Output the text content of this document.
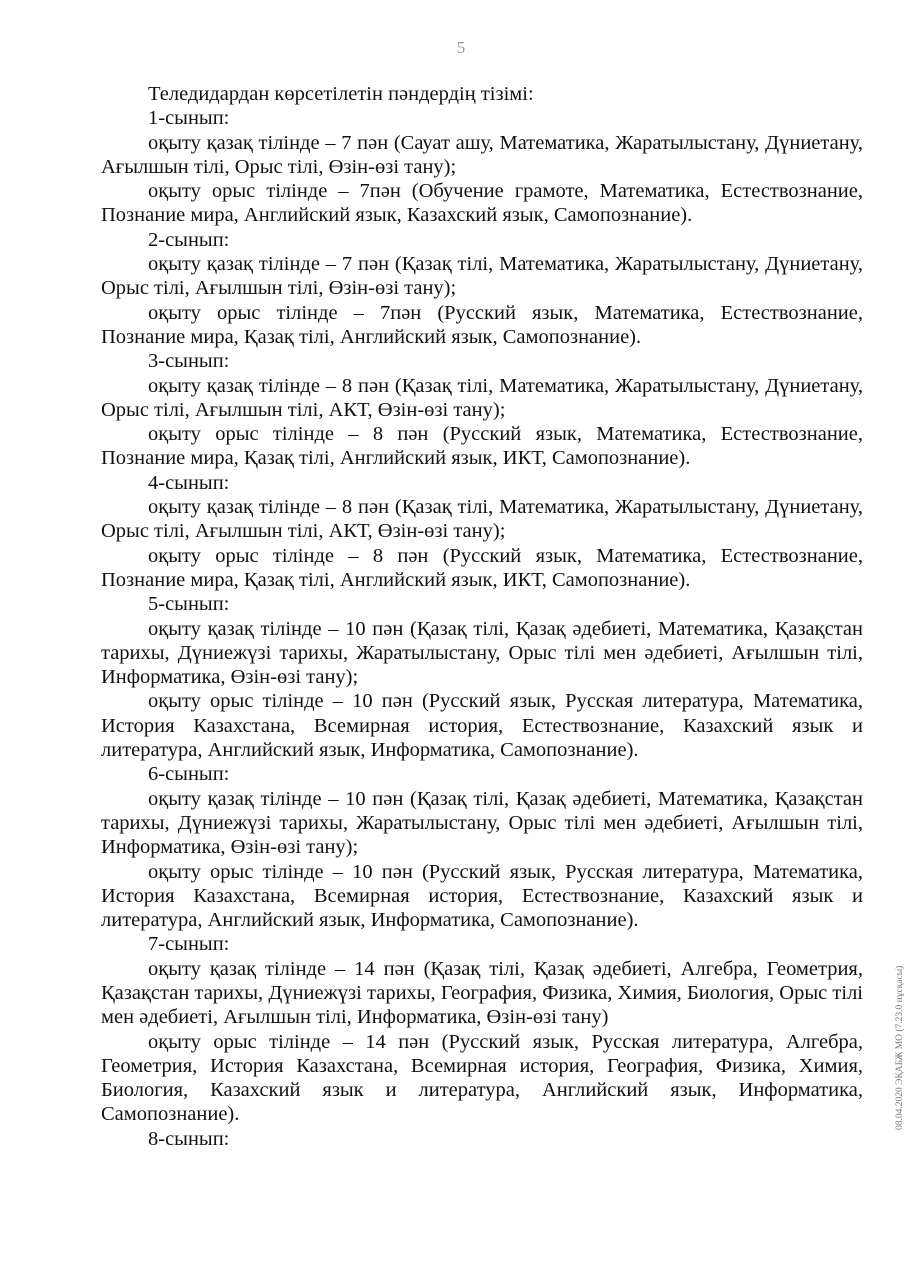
5

Теледидардан көрсетілетін пәндердің тізімі:

1-сынып:

оқыту қазақ тілінде – 7 пән (Сауат ашу, Математика, Жаратылыстану, Дүниетану, Ағылшын тілі, Орыс тілі, Өзін-өзі тану);

оқыту орыс тілінде – 7пән (Обучение грамоте, Математика, Естествознание, Познание мира, Английский язык, Казахский язык, Самопознание).

2-сынып:

оқыту қазақ тілінде – 7 пән (Қазақ тілі, Математика, Жаратылыстану, Дүниетану, Орыс тілі, Ағылшын тілі, Өзін-өзі тану);

оқыту орыс тілінде – 7пән (Русский язык, Математика, Естествознание, Познание мира, Қазақ тілі, Английский язык, Самопознание).

3-сынып:

оқыту қазақ тілінде – 8 пән (Қазақ тілі, Математика, Жаратылыстану, Дүниетану, Орыс тілі, Ағылшын тілі, АКТ, Өзін-өзі тану);

оқыту орыс тілінде – 8 пән (Русский язык, Математика, Естествознание, Познание мира, Қазақ тілі, Английский язык, ИКТ, Самопознание).

4-сынып:

оқыту қазақ тілінде – 8 пән (Қазақ тілі, Математика, Жаратылыстану, Дүниетану, Орыс тілі, Ағылшын тілі, АКТ, Өзін-өзі тану);

оқыту орыс тілінде – 8 пән (Русский язык, Математика, Естествознание, Познание мира, Қазақ тілі, Английский язык, ИКТ, Самопознание).

5-сынып:

оқыту қазақ тілінде – 10 пән (Қазақ тілі, Қазақ әдебиеті, Математика, Қазақстан тарихы, Дүниежүзі тарихы, Жаратылыстану, Орыс тілі мен әдебиеті, Ағылшын тілі, Информатика, Өзін-өзі тану);

оқыту орыс тілінде – 10 пән (Русский язык, Русская литература, Математика, История Казахстана, Всемирная история, Естествознание, Казахский язык и литература, Английский язык, Информатика, Самопознание).

6-сынып:

оқыту қазақ тілінде – 10 пән (Қазақ тілі, Қазақ әдебиеті, Математика, Қазақстан тарихы, Дүниежүзі тарихы, Жаратылыстану, Орыс тілі мен әдебиеті, Ағылшын тілі, Информатика, Өзін-өзі тану);

оқыту орыс тілінде – 10 пән (Русский язык, Русская литература, Математика, История Казахстана, Всемирная история, Естествознание, Казахский язык и литература, Английский язык, Информатика, Самопознание).

7-сынып:

оқыту қазақ тілінде – 14 пән (Қазақ тілі, Қазақ әдебиеті, Алгебра, Геометрия, Қазақстан тарихы, Дүниежүзі тарихы, География, Физика, Химия, Биология, Орыс тілі мен әдебиеті, Ағылшын тілі, Информатика, Өзін-өзі тану)

оқыту орыс тілінде – 14 пән (Русский язык, Русская литература, Алгебра, Геометрия, История Казахстана, Всемирная история, География, Физика, Химия, Биология, Казахский язык и литература, Английский язык, Информатика, Самопознание).

8-сынып:

08.04.2020 ЭҚАБЖ МО (7.23.0 нұсқасы)
